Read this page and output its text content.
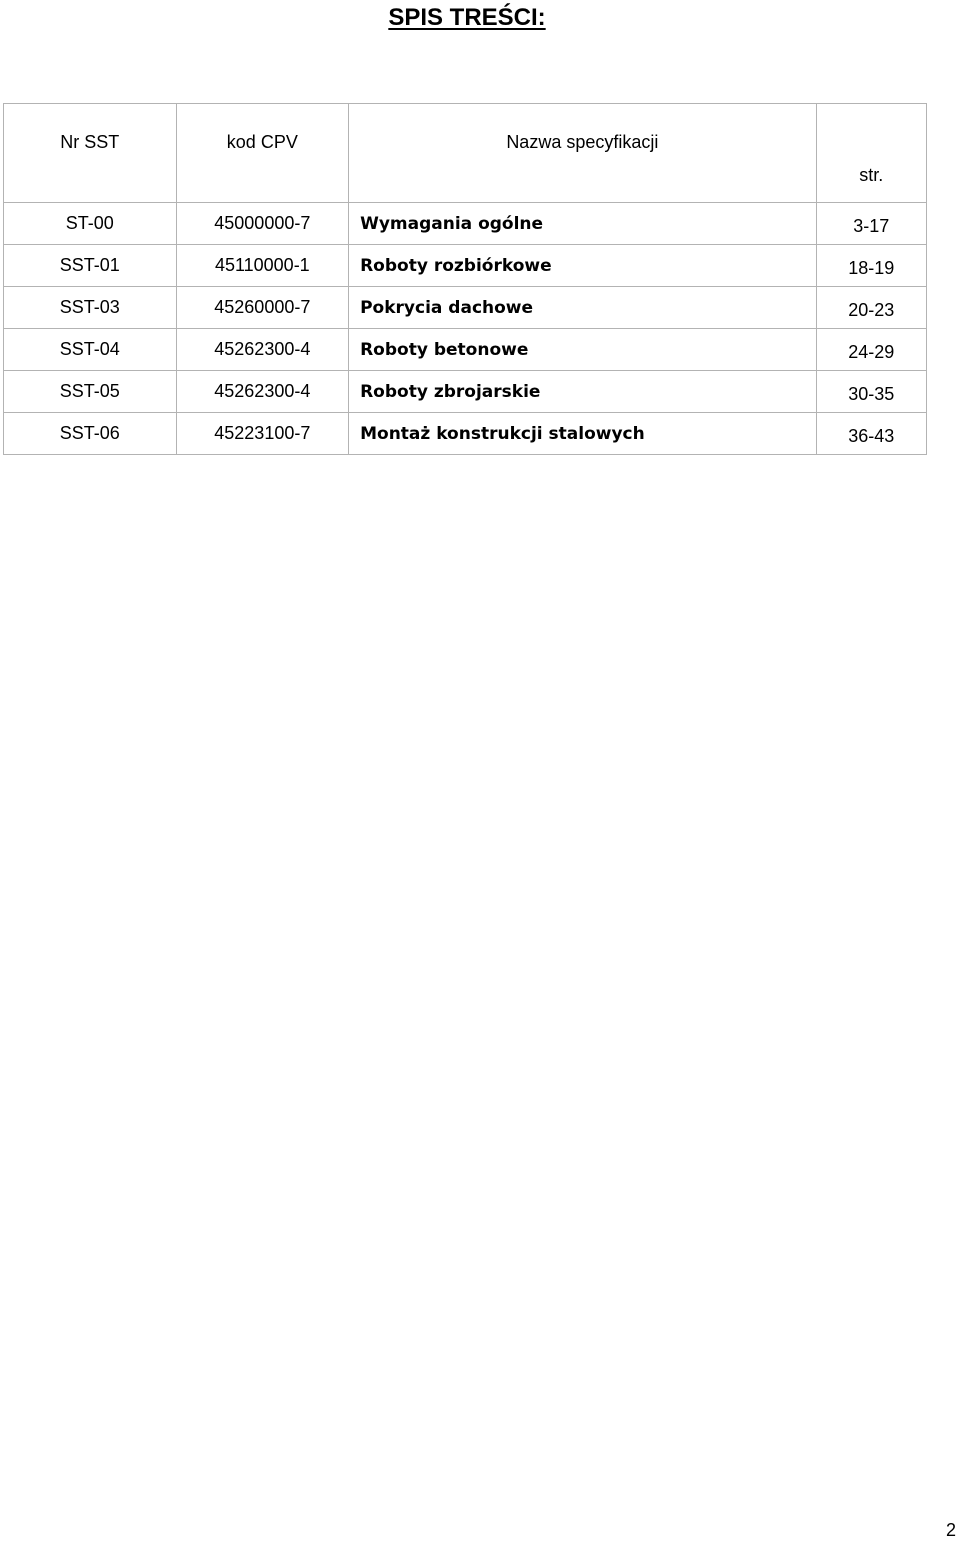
SPIS TREŚCI:
Nr SST	kod CPV	Nazwa specyfikacji	str.
ST-00	45000000-7	Wymagania ogólne	3-17
SST-01	45110000-1	Roboty rozbiórkowe	18-19
SST-03	45260000-7	Pokrycia dachowe	20-23
SST-04	45262300-4	Roboty betonowe	24-29
SST-05	45262300-4	Roboty zbrojarskie	30-35
SST-06	45223100-7	Montaż konstrukcji stalowych	36-43
2
